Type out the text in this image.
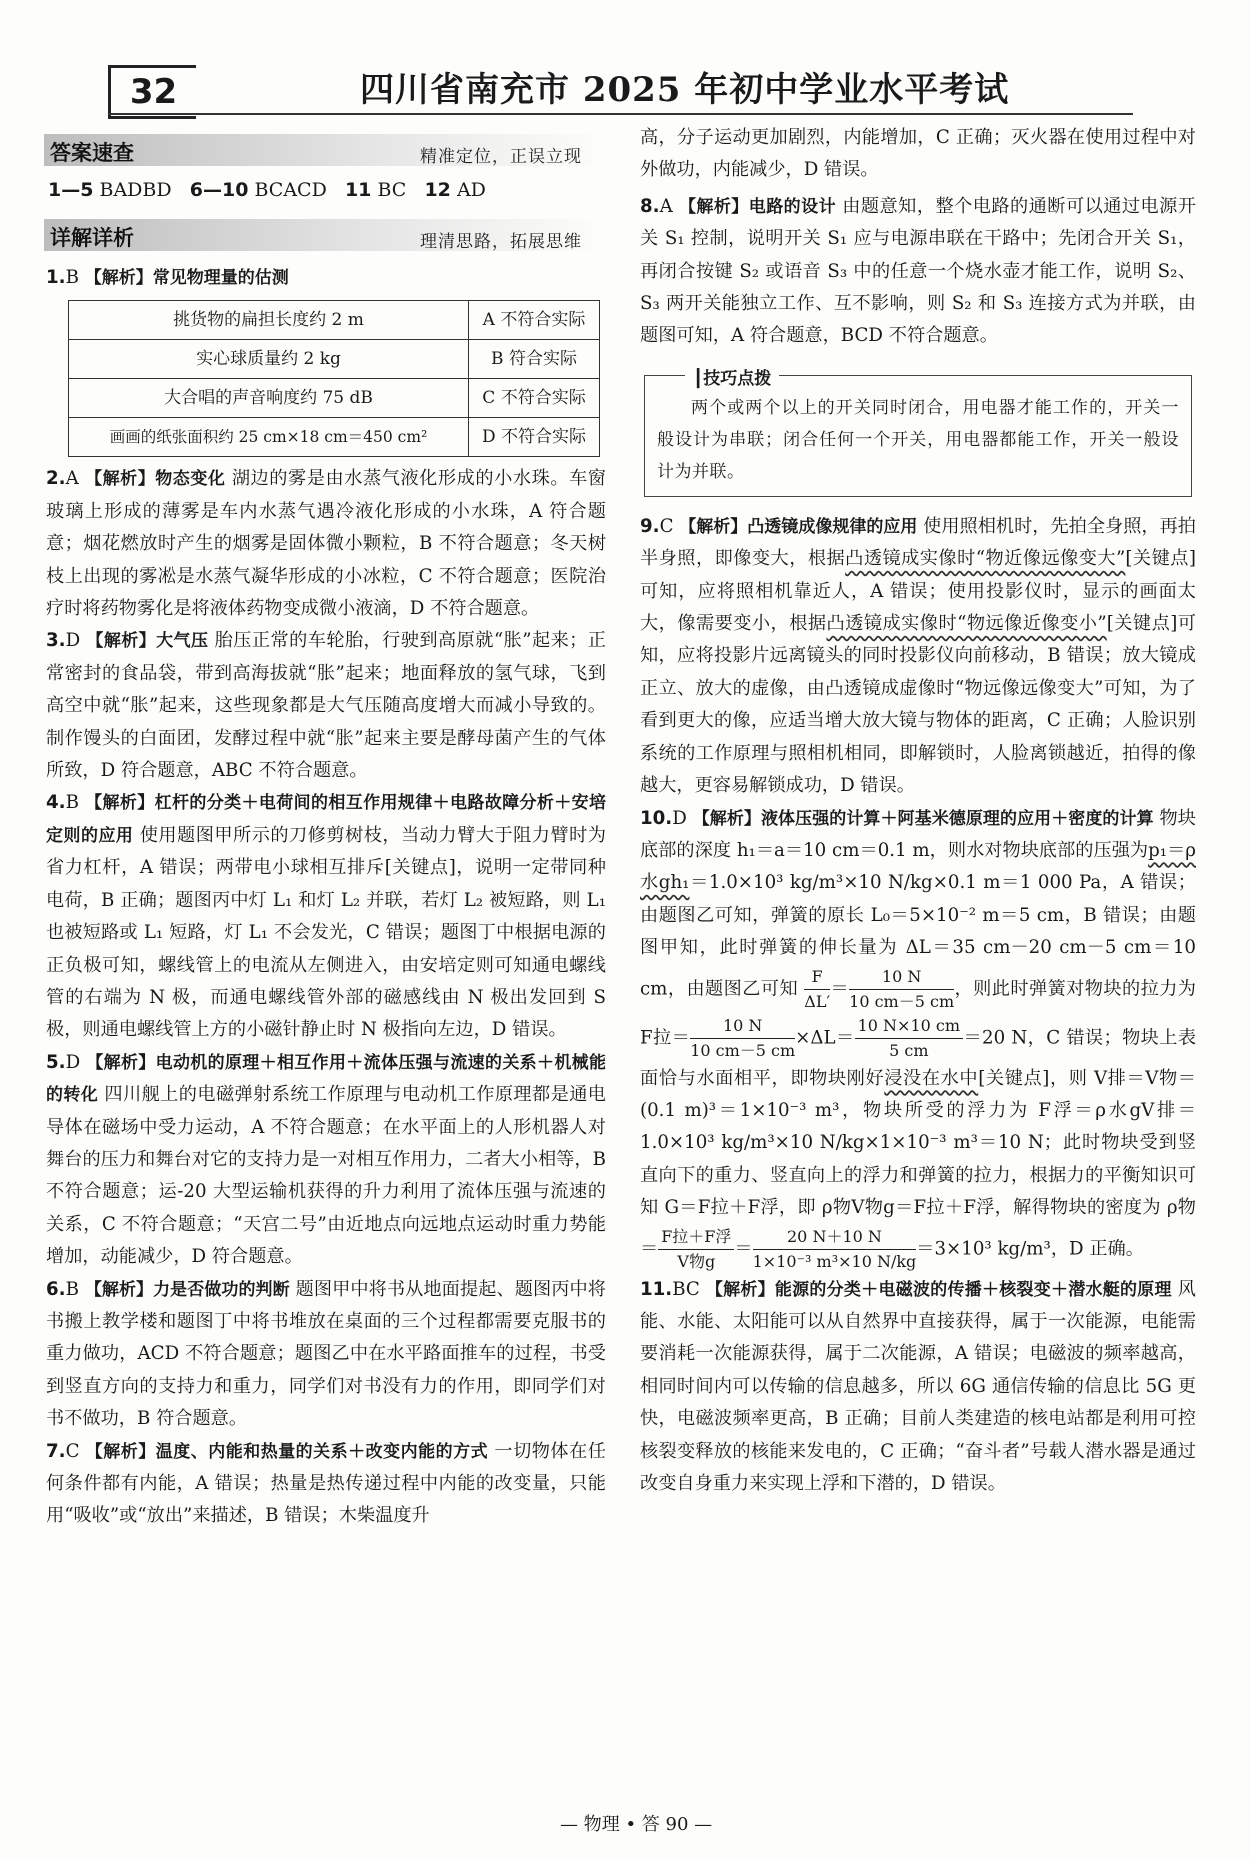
32	四川省南充市 2025 年初中学业水平考试
答案速查	精准定位，正误立现
1—5 BADBD 6—10 BCACD 11 BC 12 AD
详解详析	理清思路，拓展思维
1.B 【解析】常见物理量的估测
挑货物的扁担长度约 2 m	A 不符合实际
实心球质量约 2 kg	B 符合实际
大合唱的声音响度约 75 dB	C 不符合实际
画画的纸张面积约 25 cm×18 cm＝450 cm²	D 不符合实际
2.A 【解析】物态变化 湖边的雾是由水蒸气液化形成的小水珠。车窗玻璃上形成的薄雾是车内水蒸气遇冷液化形成的小水珠，A 符合题意；烟花燃放时产生的烟雾是固体微小颗粒，B 不符合题意；冬天树枝上出现的雾凇是水蒸气凝华形成的小冰粒，C 不符合题意；医院治疗时将药物雾化是将液体药物变成微小液滴，D 不符合题意。
3.D 【解析】大气压 胎压正常的车轮胎，行驶到高原就“胀”起来；正常密封的食品袋，带到高海拔就“胀”起来；地面释放的氢气球，飞到高空中就“胀”起来，这些现象都是大气压随高度增大而减小导致的。制作馒头的白面团，发酵过程中就“胀”起来主要是酵母菌产生的气体所致，D 符合题意，ABC 不符合题意。
4.B 【解析】杠杆的分类＋电荷间的相互作用规律＋电路故障分析＋安培定则的应用 使用题图甲所示的刀修剪树枝，当动力臂大于阻力臂时为省力杠杆，A 错误；两带电小球相互排斥[关键点]，说明一定带同种电荷，B 正确；题图丙中灯 L₁ 和灯 L₂ 并联，若灯 L₂ 被短路，则 L₁ 也被短路或 L₁ 短路，灯 L₁ 不会发光，C 错误；题图丁中根据电源的正负极可知，螺线管上的电流从左侧进入，由安培定则可知通电螺线管的右端为 N 极，而通电螺线管外部的磁感线由 N 极出发回到 S 极，则通电螺线管上方的小磁针静止时 N 极指向左边，D 错误。
5.D 【解析】电动机的原理＋相互作用＋流体压强与流速的关系＋机械能的转化 四川舰上的电磁弹射系统工作原理与电动机工作原理都是通电导体在磁场中受力运动，A 不符合题意；在水平面上的人形机器人对舞台的压力和舞台对它的支持力是一对相互作用力，二者大小相等，B 不符合题意；运-20 大型运输机获得的升力利用了流体压强与流速的关系，C 不符合题意；“天宫二号”由近地点向远地点运动时重力势能增加，动能减少，D 符合题意。
6.B 【解析】力是否做功的判断 题图甲中将书从地面提起、题图丙中将书搬上教学楼和题图丁中将书堆放在桌面的三个过程都需要克服书的重力做功，ACD 不符合题意；题图乙中在水平路面推车的过程，书受到竖直方向的支持力和重力，同学们对书没有力的作用，即同学们对书不做功，B 符合题意。
7.C 【解析】温度、内能和热量的关系＋改变内能的方式 一切物体在任何条件都有内能，A 错误；热量是热传递过程中内能的改变量，只能用“吸收”或“放出”来描述，B 错误；木柴温度升
高，分子运动更加剧烈，内能增加，C 正确；灭火器在使用过程中对外做功，内能减少，D 错误。
8.A 【解析】电路的设计 由题意知，整个电路的通断可以通过电源开关 S₁ 控制，说明开关 S₁ 应与电源串联在干路中；先闭合开关 S₁，再闭合按键 S₂ 或语音 S₃ 中的任意一个烧水壶才能工作，说明 S₂、S₃ 两开关能独立工作、互不影响，则 S₂ 和 S₃ 连接方式为并联，由题图可知，A 符合题意，BCD 不符合题意。
┃技巧点拨
两个或两个以上的开关同时闭合，用电器才能工作的，开关一般设计为串联；闭合任何一个开关，用电器都能工作，开关一般设计为并联。
9.C 【解析】凸透镜成像规律的应用 使用照相机时，先拍全身照，再拍半身照，即像变大，根据凸透镜成实像时“物近像远像变大”[关键点]可知，应将照相机靠近人，A 错误；使用投影仪时，显示的画面太大，像需要变小，根据凸透镜成实像时“物远像近像变小”[关键点]可知，应将投影片远离镜头的同时投影仪向前移动，B 错误；放大镜成正立、放大的虚像，由凸透镜成虚像时“物远像远像变大”可知，为了看到更大的像，应适当增大放大镜与物体的距离，C 正确；人脸识别系统的工作原理与照相机相同，即解锁时，人脸离锁越近，拍得的像越大，更容易解锁成功，D 错误。
10.D 【解析】液体压强的计算＋阿基米德原理的应用＋密度的计算 物块底部的深度 h₁＝a＝10 cm＝0.1 m，则水对物块底部的压强为p₁＝ρ水gh₁＝1.0×10³ kg/m³×10 N/kg×0.1 m＝1 000 Pa，A 错误；由题图乙可知，弹簧的原长 L₀＝5×10⁻² m＝5 cm，B 错误；由题图甲知，此时弹簧的伸长量为 ΔL＝35 cm－20 cm－5 cm＝10 cm，由题图乙可知 $\frac{F}{\Delta L'} = \frac{10 N}{10 cm-5 cm}$ ，则此时弹簧对物块的拉力为 F拉＝ $\frac{10 N}{10 cm-5 cm} \times\Delta L= \frac{10 N\times 10 cm}{5 cm} =20$ N，C 错误；物块上表面恰与水面相平，即物块刚好浸没在水中[关键点]，则 V排＝V物＝(0.1 m)³＝1×10⁻³ m³，物块所受的浮力为 F浮＝ρ水gV排＝1.0×10³ kg/m³×10 N/kg×1×10⁻³ m³＝10 N；此时物块受到竖直向下的重力、竖直向上的浮力和弹簧的拉力，根据力的平衡知识可知 G＝F拉＋F浮，即 ρ物V物g＝F拉＋F浮，解得物块的密度为 ρ物＝ $\frac{\text{F拉＋F浮}}{\text{V物g}} = \frac{20 N+10 N}{\text{1×10⁻³ m³×10 N/kg}} =3\times 10^3$ kg/m³，D 正确。
11.BC 【解析】能源的分类＋电磁波的传播＋核裂变＋潜水艇的原理 风能、水能、太阳能可以从自然界中直接获得，属于一次能源，电能需要消耗一次能源获得，属于二次能源，A 错误；电磁波的频率越高，相同时间内可以传输的信息越多，所以 6G 通信传输的信息比 5G 更快，电磁波频率更高，B 正确；目前人类建造的核电站都是利用可控核裂变释放的核能来发电的，C 正确；“奋斗者”号载人潜水器是通过改变自身重力来实现上浮和下潜的，D 错误。
— 物理 • 答 90 —
